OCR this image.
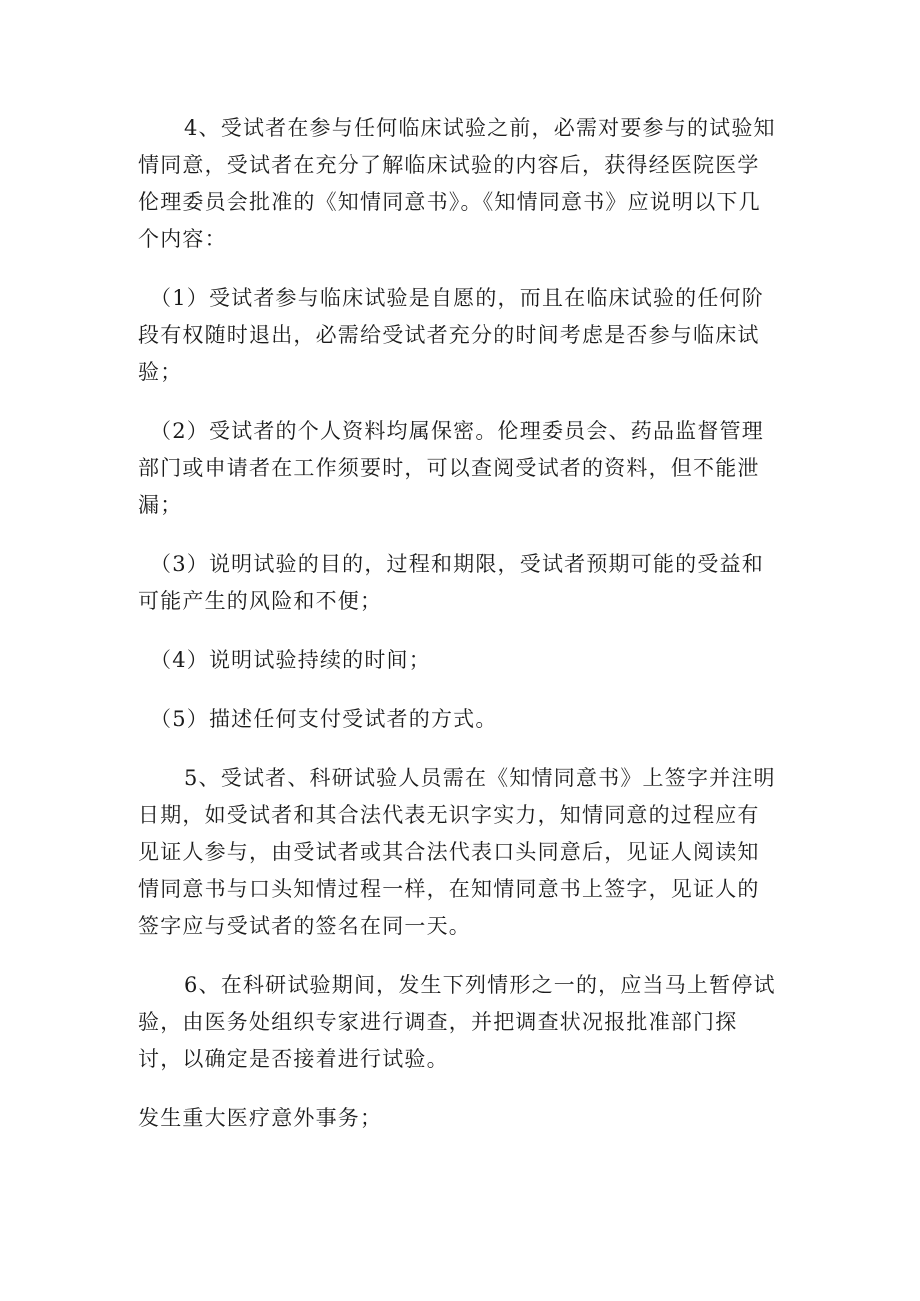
4、受试者在参与任何临床试验之前，必需对要参与的试验知情同意，受试者在充分了解临床试验的内容后，获得经医院医学伦理委员会批准的《知情同意书》。《知情同意书》应说明以下几个内容：

（1）受试者参与临床试验是自愿的，而且在临床试验的任何阶段有权随时退出，必需给受试者充分的时间考虑是否参与临床试验；

（2）受试者的个人资料均属保密。伦理委员会、药品监督管理部门或申请者在工作须要时，可以查阅受试者的资料，但不能泄漏；

（3）说明试验的目的，过程和期限，受试者预期可能的受益和可能产生的风险和不便；

（4）说明试验持续的时间；

（5）描述任何支付受试者的方式。

5、受试者、科研试验人员需在《知情同意书》上签字并注明日期，如受试者和其合法代表无识字实力，知情同意的过程应有见证人参与，由受试者或其合法代表口头同意后，见证人阅读知情同意书与口头知情过程一样，在知情同意书上签字，见证人的签字应与受试者的签名在同一天。

6、在科研试验期间，发生下列情形之一的，应当马上暂停试验，由医务处组织专家进行调查，并把调查状况报批准部门探讨，以确定是否接着进行试验。

发生重大医疗意外事务；
